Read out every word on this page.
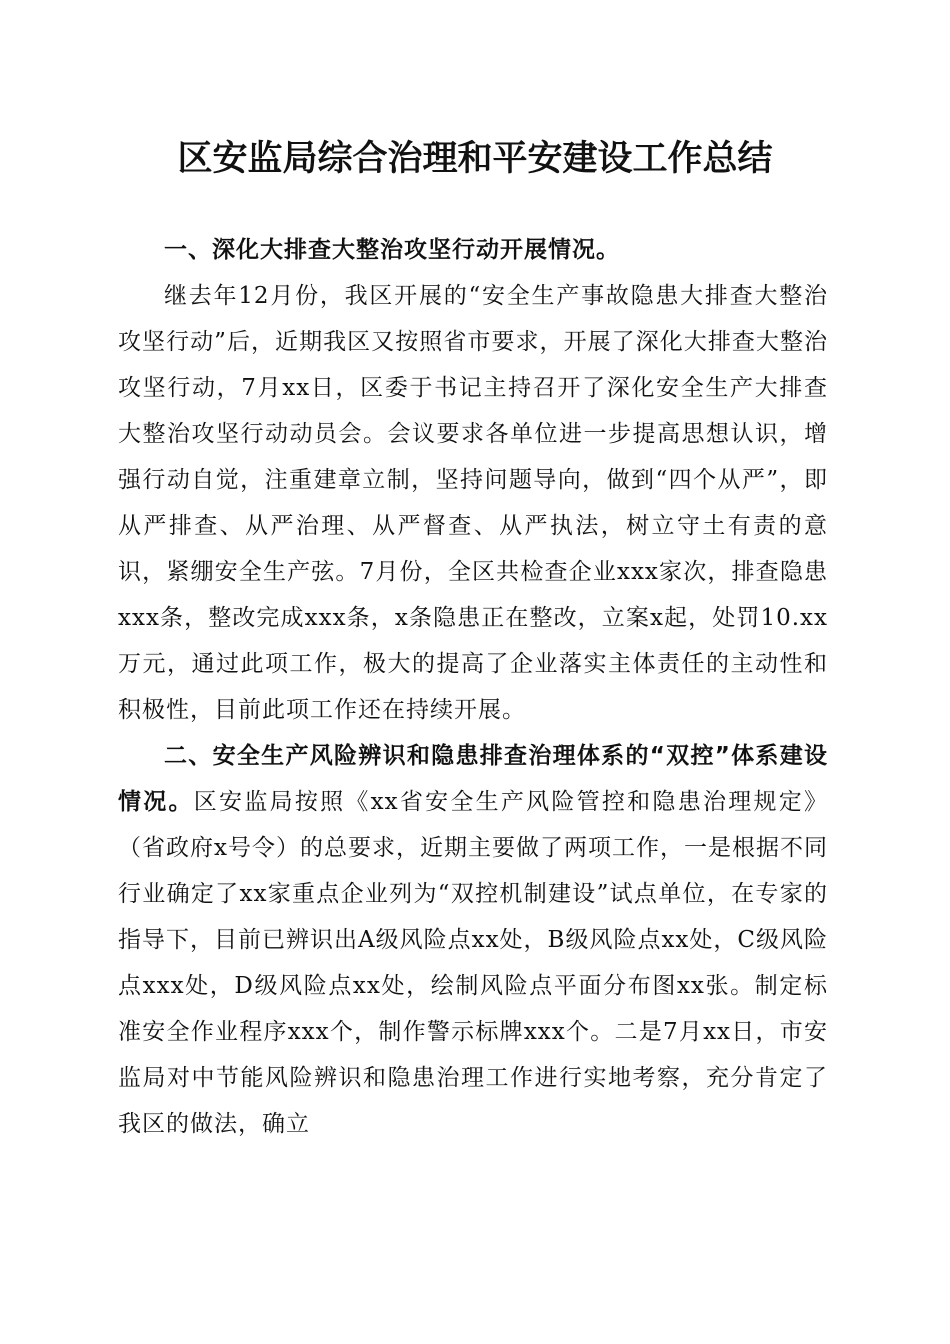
区安监局综合治理和平安建设工作总结

一、深化大排查大整治攻坚行动开展情况。

继去年12月份，我区开展的“安全生产事故隐患大排查大整治攻坚行动”后，近期我区又按照省市要求，开展了深化大排查大整治攻坚行动，7月xx日，区委于书记主持召开了深化安全生产大排查大整治攻坚行动动员会。会议要求各单位进一步提高思想认识，增强行动自觉，注重建章立制，坚持问题导向，做到“四个从严”，即从严排查、从严治理、从严督查、从严执法，树立守土有责的意识，紧绷安全生产弦。7月份，全区共检查企业xxx家次，排查隐患xxx条，整改完成xxx条，x条隐患正在整改，立案x起，处罚10.xx万元，通过此项工作，极大的提高了企业落实主体责任的主动性和积极性，目前此项工作还在持续开展。

二、安全生产风险辨识和隐患排查治理体系的“双控”体系建设情况。区安监局按照《xx省安全生产风险管控和隐患治理规定》（省政府x号令）的总要求，近期主要做了两项工作，一是根据不同行业确定了xx家重点企业列为“双控机制建设”试点单位，在专家的指导下，目前已辨识出A级风险点xx处，B级风险点xx处，C级风险点xxx处，D级风险点xx处，绘制风险点平面分布图xx张。制定标准安全作业程序xxx个，制作警示标牌xxx个。二是7月xx日，市安监局对中节能风险辨识和隐患治理工作进行实地考察，充分肯定了我区的做法，确立
